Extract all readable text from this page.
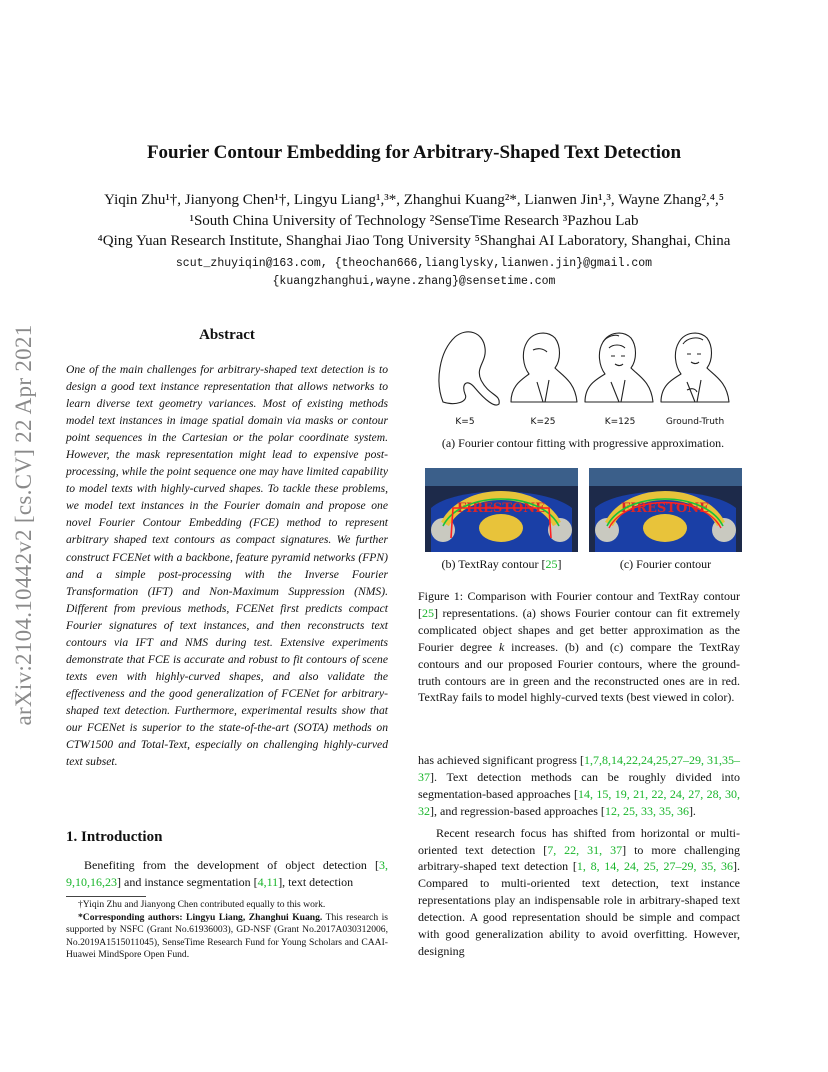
arXiv:2104.10442v2 [cs.CV] 22 Apr 2021
Fourier Contour Embedding for Arbitrary-Shaped Text Detection
Yiqin Zhu¹†, Jianyong Chen¹†, Lingyu Liang¹,³*, Zhanghui Kuang²*, Lianwen Jin¹,³, Wayne Zhang²,⁴,⁵
¹South China University of Technology ²SenseTime Research ³Pazhou Lab
⁴Qing Yuan Research Institute, Shanghai Jiao Tong University ⁵Shanghai AI Laboratory, Shanghai, China
scut_zhuyiqin@163.com, {theochan666,lianglysky,lianwen.jin}@gmail.com
{kuangzhanghui,wayne.zhang}@sensetime.com
Abstract
One of the main challenges for arbitrary-shaped text detection is to design a good text instance representation that allows networks to learn diverse text geometry variances. Most of existing methods model text instances in image spatial domain via masks or contour point sequences in the Cartesian or the polar coordinate system. However, the mask representation might lead to expensive post-processing, while the point sequence one may have limited capability to model texts with highly-curved shapes. To tackle these problems, we model text instances in the Fourier domain and propose one novel Fourier Contour Embedding (FCE) method to represent arbitrary shaped text contours as compact signatures. We further construct FCENet with a backbone, feature pyramid networks (FPN) and a simple post-processing with the Inverse Fourier Transformation (IFT) and Non-Maximum Suppression (NMS). Different from previous methods, FCENet first predicts compact Fourier signatures of text instances, and then reconstructs text contours via IFT and NMS during test. Extensive experiments demonstrate that FCE is accurate and robust to fit contours of scene texts even with highly-curved shapes, and also validate the effectiveness and the good generalization of FCENet for arbitrary-shaped text detection. Furthermore, experimental results show that our FCENet is superior to the state-of-the-art (SOTA) methods on CTW1500 and Total-Text, especially on challenging highly-curved text subset.
1. Introduction
Benefiting from the development of object detection [3, 9,10,16,23] and instance segmentation [4,11], text detection
†Yiqin Zhu and Jianyong Chen contributed equally to this work.
*Corresponding authors: Lingyu Liang, Zhanghui Kuang. This research is supported by NSFC (Grant No.61936003), GD-NSF (Grant No.2017A030312006, No.2019A1515011045), SenseTime Research Fund for Young Scholars and CAAI-Huawei MindSpore Open Fund.
K=5	K=25	K=125	Ground-Truth
(a) Fourier contour fitting with progressive approximation.
FIRESTONE	FIRESTONE
(b) TextRay contour [25]	(c) Fourier contour
Figure 1: Comparison with Fourier contour and TextRay contour [25] representations. (a) shows Fourier contour can fit extremely complicated object shapes and get better approximation as the Fourier degree k increases. (b) and (c) compare the TextRay contours and our proposed Fourier contours, where the ground-truth contours are in green and the reconstructed ones are in red. TextRay fails to model highly-curved texts (best viewed in color).

has achieved significant progress [1,7,8,14,22,24,25,27–29, 31,35–37]. Text detection methods can be roughly divided into segmentation-based approaches [14, 15, 19, 21, 22, 24, 27, 28, 30, 32], and regression-based approaches [12, 25, 33, 35, 36].

Recent research focus has shifted from horizontal or multi-oriented text detection [7, 22, 31, 37] to more challenging arbitrary-shaped text detection [1, 8, 14, 24, 25, 27–29, 35, 36]. Compared to multi-oriented text detection, text instance representations play an indispensable role in arbitrary-shaped text detection. A good representation should be simple and compact with good generalization ability to avoid overfitting. However, designing
